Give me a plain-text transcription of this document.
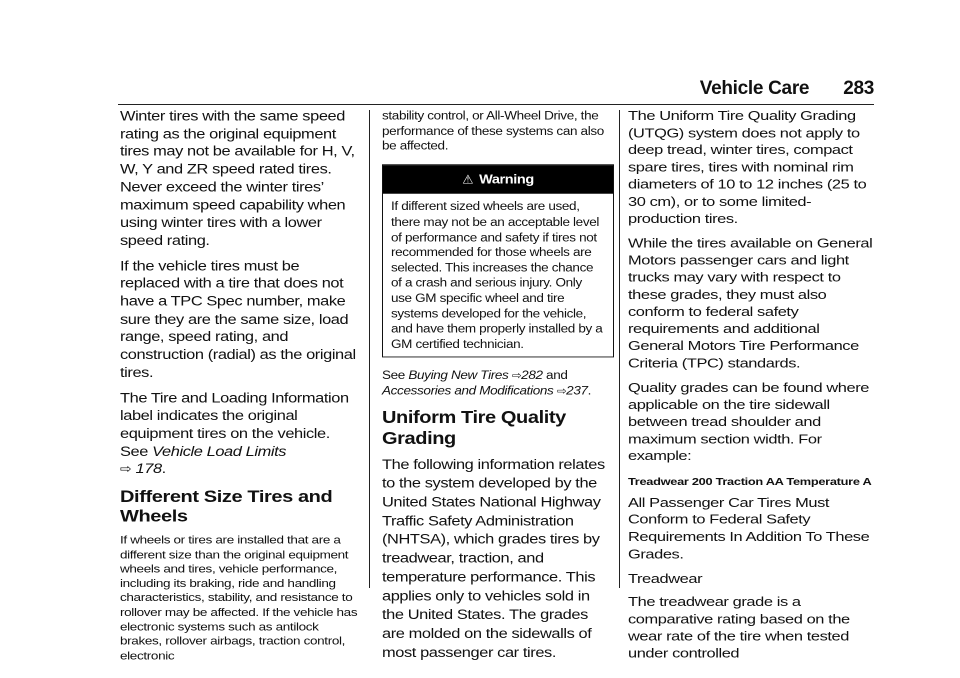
Vehicle Care 283

Winter tires with the same speed rating as the original equipment tires may not be available for H, V, W, Y and ZR speed rated tires. Never exceed the winter tires’ maximum speed capability when using winter tires with a lower speed rating.

If the vehicle tires must be replaced with a tire that does not have a TPC Spec number, make sure they are the same size, load range, speed rating, and construction (radial) as the original tires.

The Tire and Loading Information label indicates the original equipment tires on the vehicle. See Vehicle Load Limits
⇨ 178.

Different Size Tires and Wheels

If wheels or tires are installed that are a different size than the original equipment wheels and tires, vehicle performance, including its braking, ride and handling characteristics, stability, and resistance to rollover may be affected. If the vehicle has electronic systems such as antilock brakes, rollover airbags, traction control, electronic

stability control, or All-Wheel Drive, the performance of these systems can also be affected.

⚠ Warning
If different sized wheels are used, there may not be an acceptable level of performance and safety if tires not recommended for those wheels are selected. This increases the chance of a crash and serious injury. Only use GM specific wheel and tire systems developed for the vehicle, and have them properly installed by a GM certified technician.

See Buying New Tires ⇨282 and
Accessories and Modifications ⇨237.

Uniform Tire Quality Grading

The following information relates to the system developed by the United States National Highway Traffic Safety Administration (NHTSA), which grades tires by treadwear, traction, and temperature performance. This applies only to vehicles sold in the United States. The grades are molded on the sidewalls of most passenger car tires.

The Uniform Tire Quality Grading (UTQG) system does not apply to deep tread, winter tires, compact spare tires, tires with nominal rim diameters of 10 to 12 inches (25 to 30 cm), or to some limited-production tires.

While the tires available on General Motors passenger cars and light trucks may vary with respect to these grades, they must also conform to federal safety requirements and additional General Motors Tire Performance Criteria (TPC) standards.

Quality grades can be found where applicable on the tire sidewall between tread shoulder and maximum section width. For example:

Treadwear 200 Traction AA Temperature A

All Passenger Car Tires Must Conform to Federal Safety Requirements In Addition To These Grades.

Treadwear

The treadwear grade is a comparative rating based on the wear rate of the tire when tested under controlled
